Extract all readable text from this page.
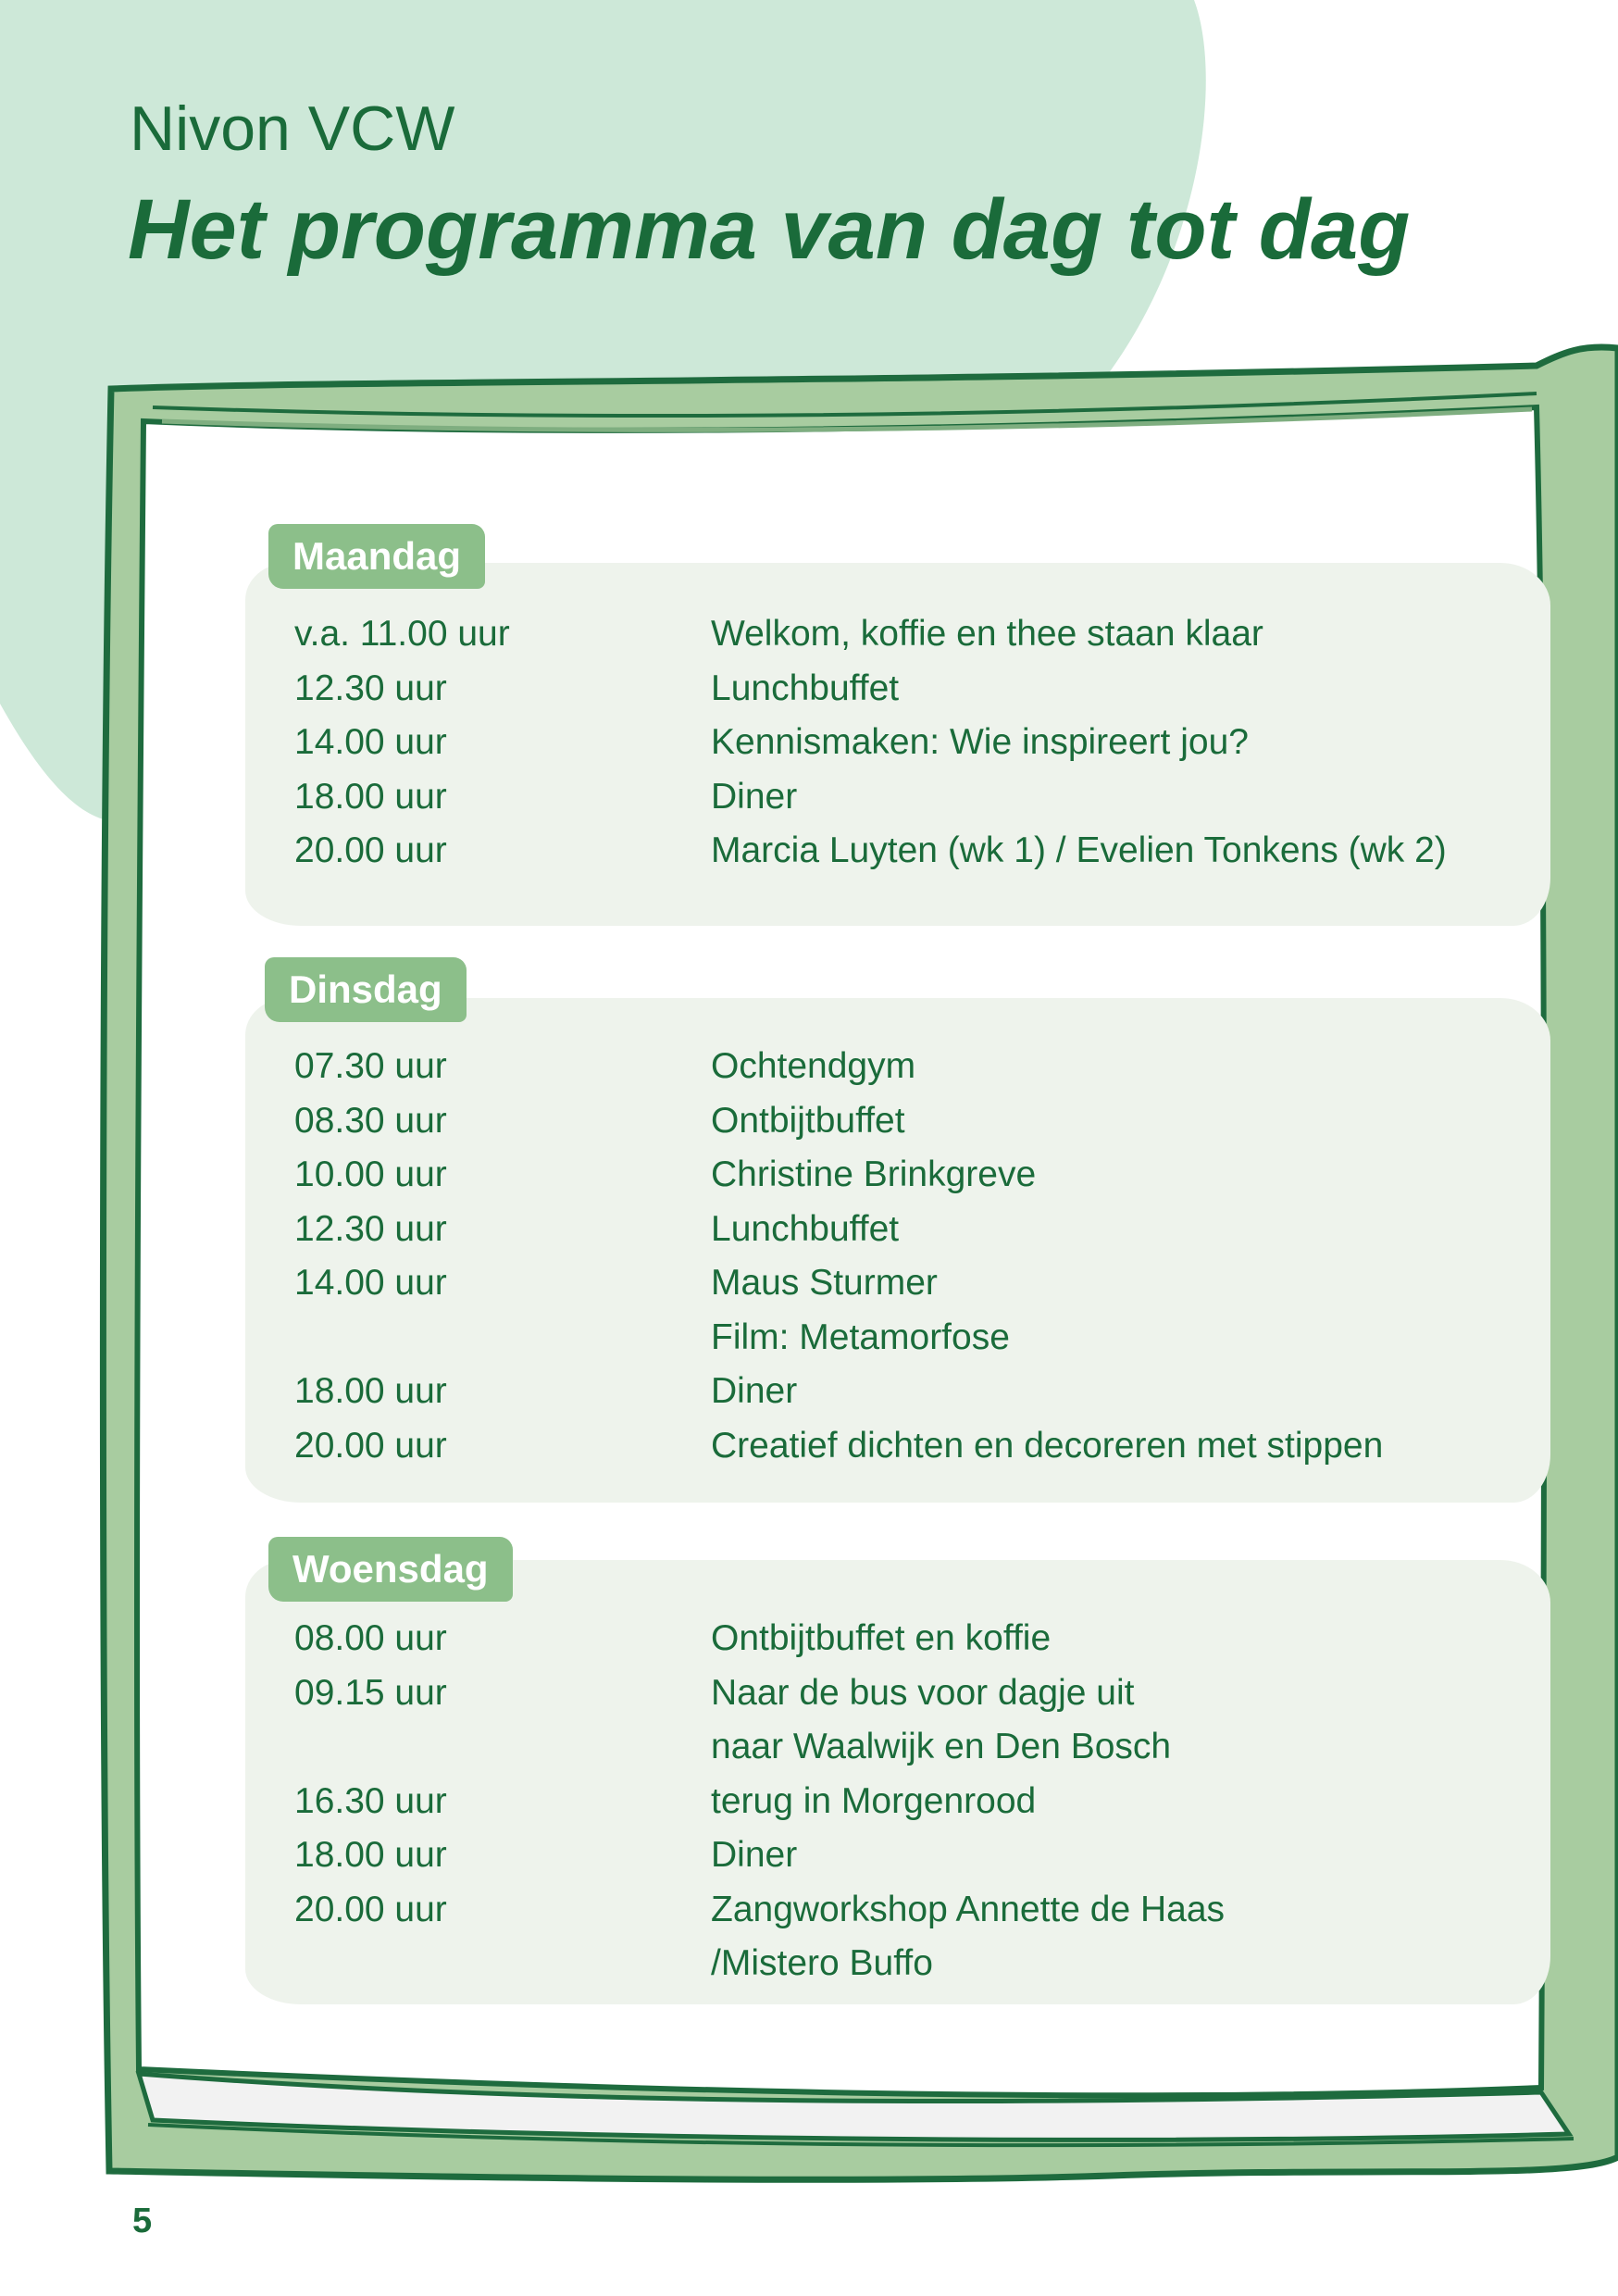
Nivon VCW
Het programma van dag tot dag
Maandag
v.a. 11.00 uur	Welkom, koffie en thee staan klaar
12.30 uur	Lunchbuffet
14.00 uur	Kennismaken: Wie inspireert jou?
18.00 uur	Diner
20.00 uur	Marcia Luyten (wk 1) / Evelien Tonkens (wk 2)
Dinsdag
07.30 uur	Ochtendgym
08.30 uur	Ontbijtbuffet
10.00 uur	Christine Brinkgreve
12.30 uur	Lunchbuffet
14.00 uur	Maus Sturmer
Film: Metamorfose
18.00 uur	Diner
20.00 uur	Creatief dichten en decoreren met stippen
Woensdag
08.00 uur	Ontbijtbuffet en koffie
09.15 uur	Naar de bus voor dagje uit
naar Waalwijk en Den Bosch
16.30 uur	terug in Morgenrood
18.00 uur	Diner
20.00 uur	Zangworkshop Annette de Haas
/Mistero Buffo
5
